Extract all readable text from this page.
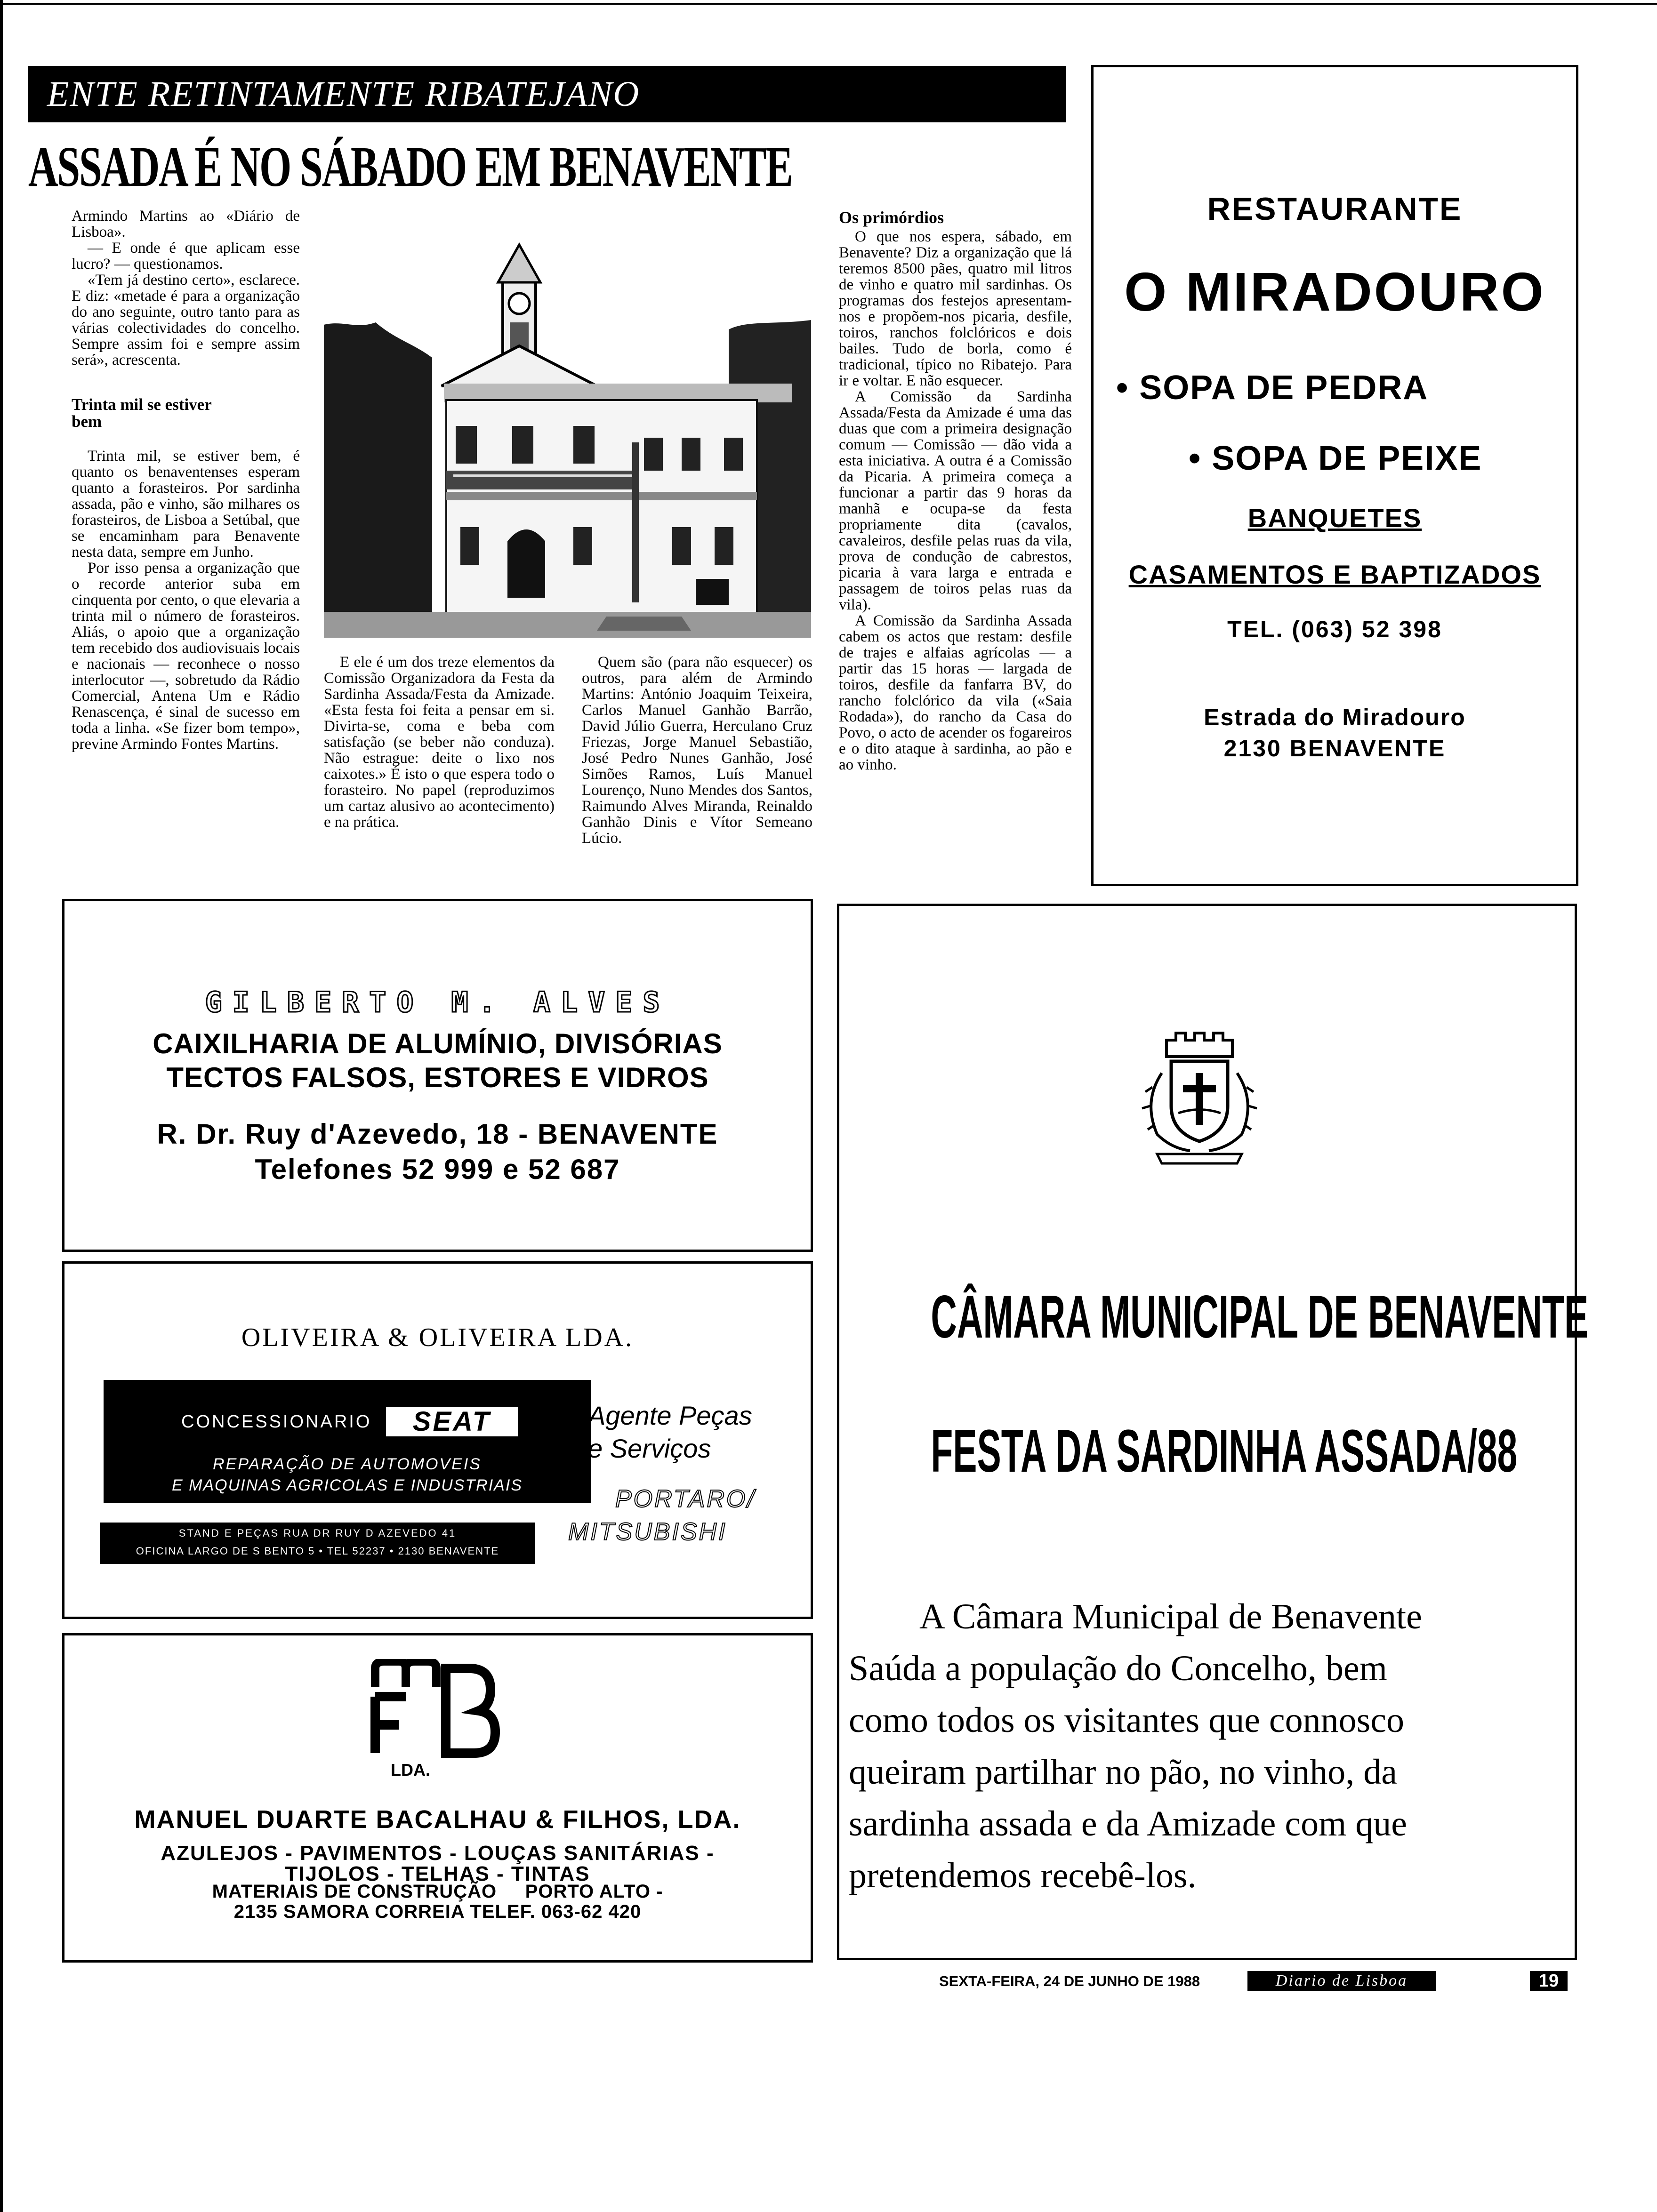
ENTE RETINTAMENTE RIBATEJANO
ASSADA É NO SÁBADO EM BENAVENTE

Armindo Martins ao «Diário de Lisboa».

— E onde é que aplicam esse lucro? — questionamos.

«Tem já destino certo», esclarece. E diz: «metade é para a organização do ano seguinte, outro tanto para as várias colectividades do concelho. Sempre assim foi e sempre assim será», acrescenta.

Trinta mil se estiver bem

Trinta mil, se estiver bem, é quanto os benaventenses esperam quanto a forasteiros. Por sardinha assada, pão e vinho, são milhares os forasteiros, de Lisboa a Setúbal, que se encaminham para Benavente nesta data, sempre em Junho.

Por isso pensa a organização que o recorde anterior suba em cinquenta por cento, o que elevaria a trinta mil o número de forasteiros. Aliás, o apoio que a organização tem recebido dos audiovisuais locais e nacionais — reconhece o nosso interlocutor —, sobretudo da Rádio Comercial, Antena Um e Rádio Renascença, é sinal de sucesso em toda a linha. «Se fizer bom tempo», previne Armindo Fontes Martins.

E ele é um dos treze elementos da Comissão Organizadora da Festa da Sardinha Assada/Festa da Amizade. «Esta festa foi feita a pensar em si. Divirta-se, coma e beba com satisfação (se beber não conduza). Não estrague: deite o lixo nos caixotes.» É isto o que espera todo o forasteiro. No papel (reproduzimos um cartaz alusivo ao acontecimento) e na prática.

Quem são (para não esquecer) os outros, para além de Armindo Martins: António Joaquim Teixeira, Carlos Manuel Ganhão Barrão, David Júlio Guerra, Herculano Cruz Friezas, Jorge Manuel Sebastião, José Pedro Nunes Ganhão, José Simões Ramos, Luís Manuel Lourenço, Nuno Mendes dos Santos, Raimundo Alves Miranda, Reinaldo Ganhão Dinis e Vítor Semeano Lúcio.

Os primórdios

O que nos espera, sábado, em Benavente? Diz a organização que lá teremos 8500 pães, quatro mil litros de vinho e quatro mil sardinhas. Os programas dos festejos apresentam-nos e propõem-nos picaria, desfile, toiros, ranchos folclóricos e dois bailes. Tudo de borla, como é tradicional, típico no Ribatejo. Para ir e voltar. E não esquecer.

A Comissão da Sardinha Assada/Festa da Amizade é uma das duas que com a primeira designação comum — Comissão — dão vida a esta iniciativa. A outra é a Comissão da Picaria. A primeira começa a funcionar a partir das 9 horas da manhã e ocupa-se da festa propriamente dita (cavalos, cavaleiros, desfile pelas ruas da vila, prova de condução de cabrestos, picaria à vara larga e entrada e passagem de toiros pelas ruas da vila).

A Comissão da Sardinha Assada cabem os actos que restam: desfile de trajes e alfaias agrícolas — a partir das 15 horas — largada de toiros, desfile da fanfarra BV, do rancho folclórico da vila («Saia Rodada»), do rancho da Casa do Povo, o acto de acender os fogareiros e o dito ataque à sardinha, ao pão e ao vinho.

RESTAURANTE
O MIRADOURO
• SOPA DE PEDRA
• SOPA DE PEIXE
BANQUETES
CASAMENTOS E BAPTIZADOS
TEL. (063) 52 398
Estrada do Miradouro
2130 BENAVENTE
GILBERTO M. ALVES
CAIXILHARIA DE ALUMÍNIO, DIVISÓRIAS
TECTOS FALSOS, ESTORES E VIDROS
R. Dr. Ruy d'Azevedo, 18 - BENAVENTE
Telefones 52 999 e 52 687
OLIVEIRA & OLIVEIRA LDA.
CONCESSIONARIO	SEAT
REPARAÇÃO DE AUTOMOVEIS
E MAQUINAS AGRICOLAS E INDUSTRIAIS
STAND E PEÇAS RUA DR RUY D AZEVEDO 41
OFICINA LARGO DE S BENTO 5 • TEL 52237 • 2130 BENAVENTE
Agente Peças
e Serviços
PORTARO/
MITSUBISHI
LDA.
MANUEL DUARTE BACALHAU & FILHOS, LDA.
AZULEJOS - PAVIMENTOS - LOUÇAS SANITÁRIAS -
TIJOLOS - TELHAS - TINTAS
MATERIAIS DE CONSTRUÇÃO     PORTO ALTO -
2135 SAMORA CORREIA TELEF. 063-62 420
CÂMARA MUNICIPAL DE BENAVENTE
FESTA DA SARDINHA ASSADA/88
A Câmara Municipal de Benavente
Saúda a população do Concelho, bem
como todos os visitantes que connosco
queiram partilhar no pão, no vinho, da
sardinha assada e da Amizade com que
pretendemos recebê-los.
SEXTA-FEIRA, 24 DE JUNHO DE 1988	Diario de Lisboa	19
